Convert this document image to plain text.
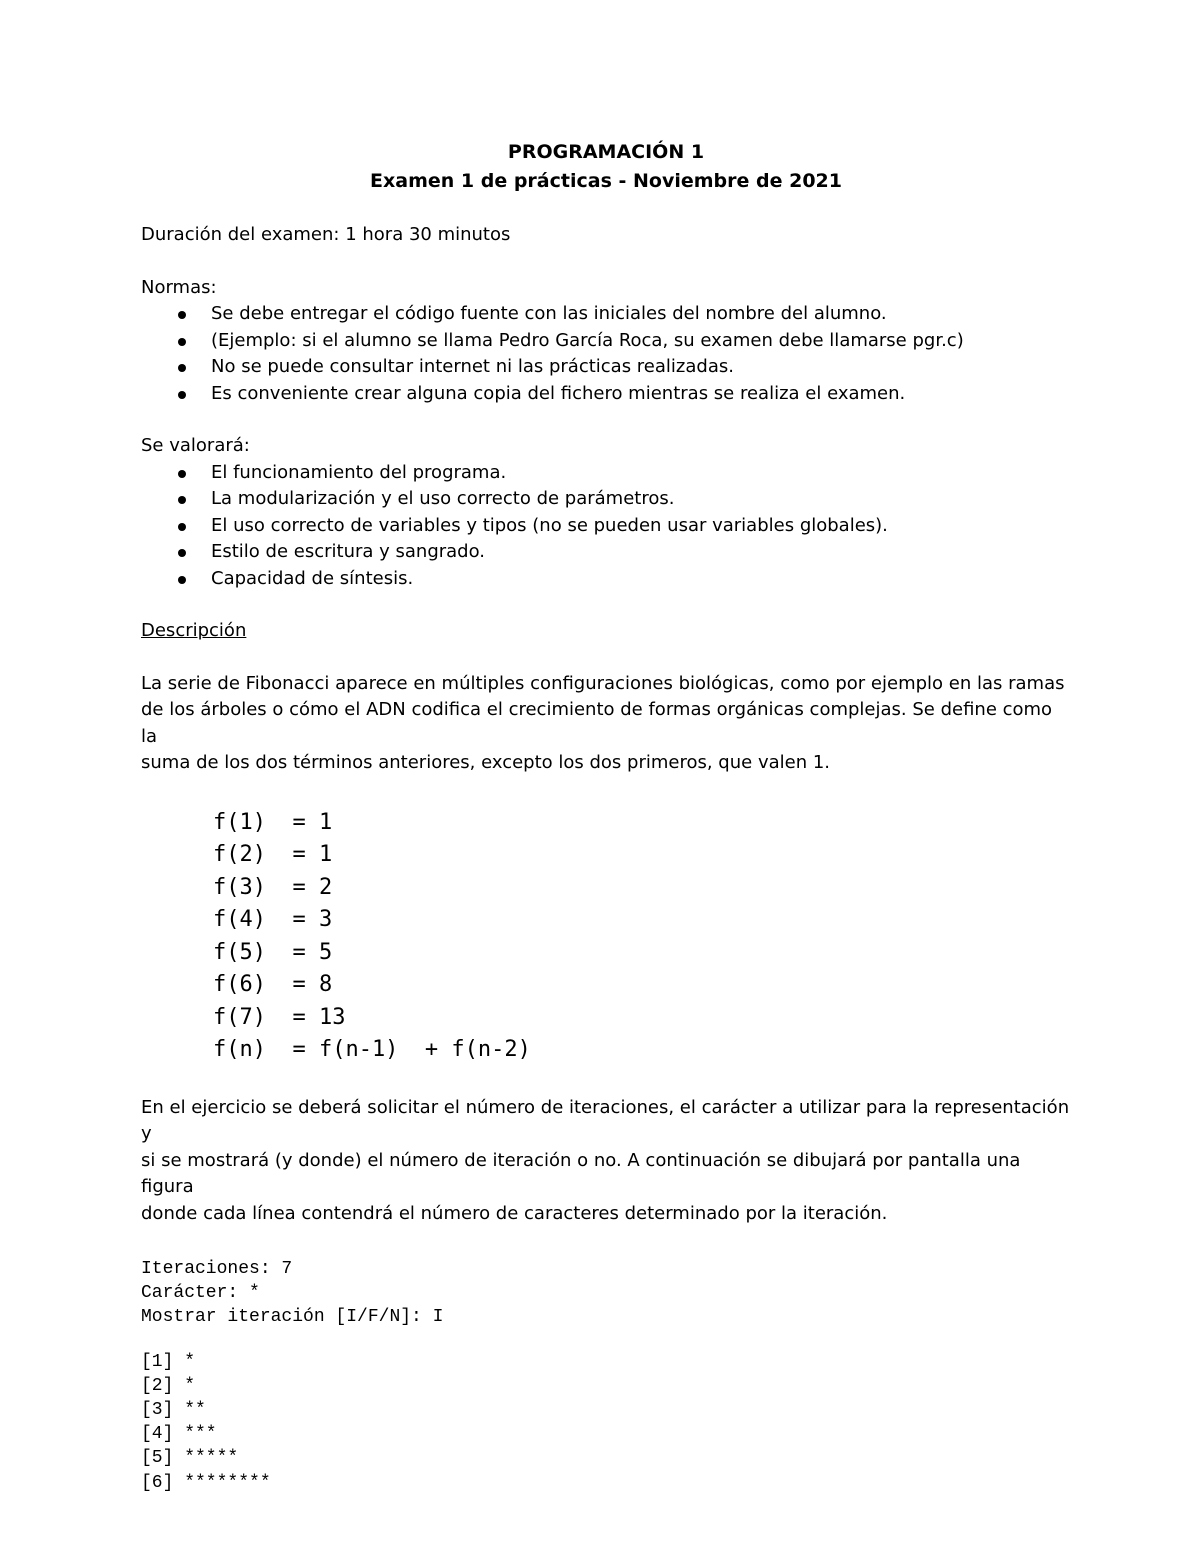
PROGRAMACIÓN 1

Examen 1 de prácticas - Noviembre de 2021

Duración del examen: 1 hora 30 minutos

Normas:

Se debe entregar el código fuente con las iniciales del nombre del alumno.
(Ejemplo: si el alumno se llama Pedro García Roca, su examen debe llamarse pgr.c)
No se puede consultar internet ni las prácticas realizadas.
Es conveniente crear alguna copia del fichero mientras se realiza el examen.

Se valorará:

El funcionamiento del programa.
La modularización y el uso correcto de parámetros.
El uso correcto de variables y tipos (no se pueden usar variables globales).
Estilo de escritura y sangrado.
Capacidad de síntesis.

Descripción

La serie de Fibonacci aparece en múltiples configuraciones biológicas, como por ejemplo en las ramas

de los árboles o cómo el ADN codifica el crecimiento de formas orgánicas complejas. Se define como la

suma de los dos términos anteriores, excepto los dos primeros, que valen 1.

f(1)  = 1

f(2)  = 1

f(3)  = 2

f(4)  = 3

f(5)  = 5

f(6)  = 8

f(7)  = 13

f(n)  = f(n-1)  + f(n-2)

En el ejercicio se deberá solicitar el número de iteraciones, el carácter a utilizar para la representación y

si se mostrará (y donde) el número de iteración o no. A continuación se dibujará por pantalla una figura

donde cada línea contendrá el número de caracteres determinado por la iteración.

Iteraciones: 7

Carácter: *

Mostrar iteración [I/F/N]: I

[1] *

[2] *

[3] **

[4] ***

[5] *****

[6] ********
